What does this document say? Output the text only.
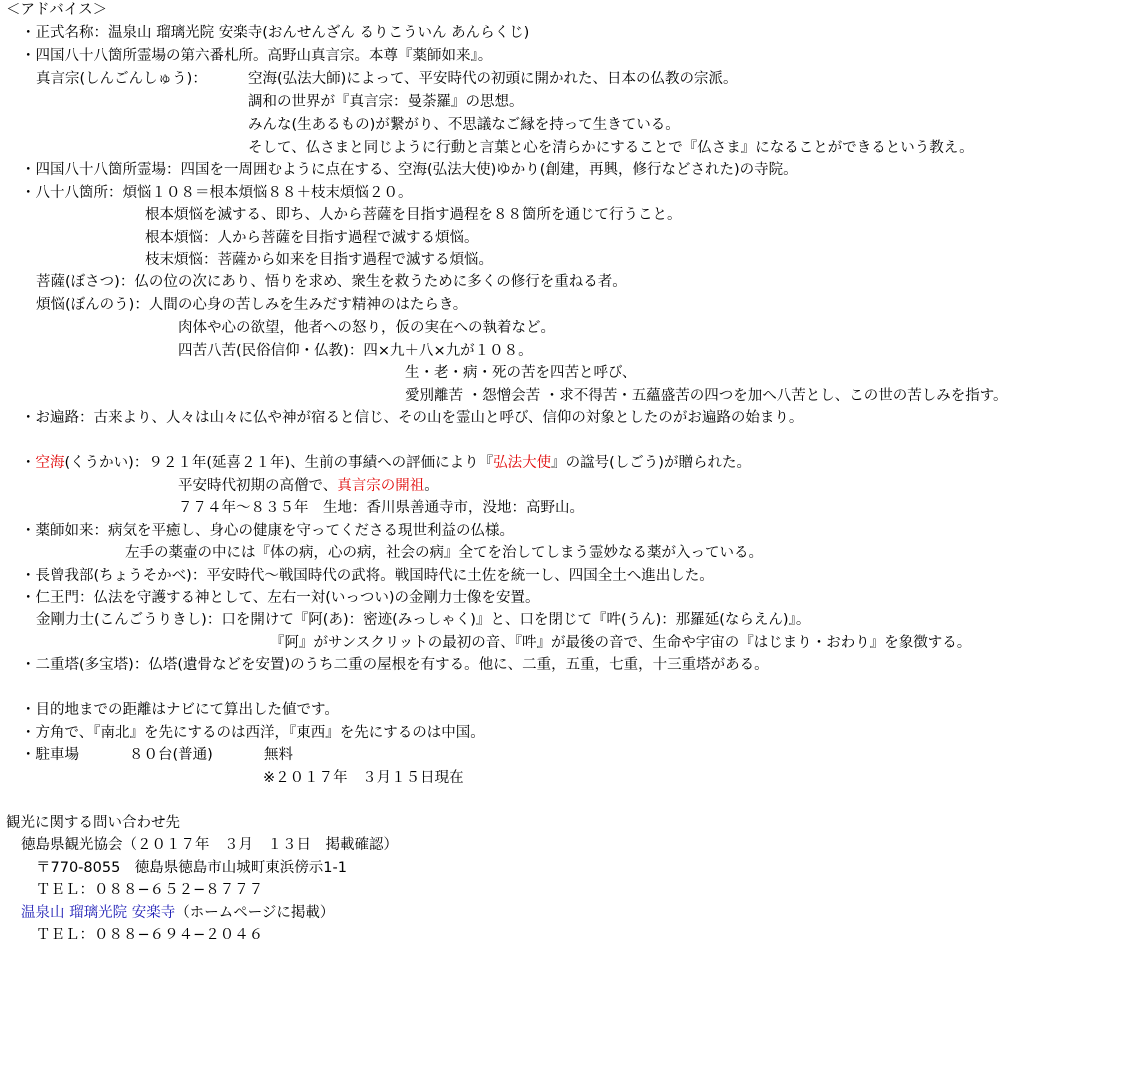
＜アドバイス＞
・正式名称：温泉山 瑠璃光院 安楽寺(おんせんざん るりこういん あんらくじ)
・四国八十八箇所霊場の第六番札所。高野山真言宗。本尊『薬師如来』。
真言宗(しんごんしゅう)：	空海(弘法大師)によって、平安時代の初頭に開かれた、日本の仏教の宗派。
調和の世界が『真言宗：曼荼羅』の思想。
みんな(生あるもの)が繋がり、不思議なご縁を持って生きている。
そして、仏さまと同じように行動と言葉と心を清らかにすることで『仏さま』になることができるという教え。
・四国八十八箇所霊場：四国を一周囲むように点在する、空海(弘法大使)ゆかり(創建，再興，修行などされた)の寺院。
・八十八箇所：煩悩１０８＝根本煩悩８８＋枝末煩悩２０。
根本煩悩を滅する、即ち、人から菩薩を目指す過程を８８箇所を通じて行うこと。
根本煩悩：人から菩薩を目指す過程で滅する煩悩。
枝末煩悩：菩薩から如来を目指す過程で滅する煩悩。
菩薩(ぼさつ)：仏の位の次にあり、悟りを求め、衆生を救うために多くの修行を重ねる者。
煩悩(ぼんのう)：人間の心身の苦しみを生みだす精神のはたらき。
肉体や心の欲望，他者への怒り，仮の実在への執着など。
四苦八苦(民俗信仰・仏教)：四×九＋八×九が１０８。
生・老・病・死の苦を四苦と呼び、
愛別離苦 ・怨憎会苦 ・求不得苦・五蘊盛苦の四つを加へ八苦とし、この世の苦しみを指す。
・お遍路：古来より、人々は山々に仏や神が宿ると信じ、その山を霊山と呼び、信仰の対象としたのがお遍路の始まり。
・空海(くうかい)：９２１年(延喜２１年)、生前の事績への評価により『弘法大使』の諡号(しごう)が贈られた。
平安時代初期の高僧で、真言宗の開祖。
７７４年〜８３５年　生地：香川県善通寺市，没地：高野山。
・薬師如来：病気を平癒し、身心の健康を守ってくださる現世利益の仏様。
左手の薬壷の中には『体の病，心の病，社会の病』全てを治してしまう霊妙なる薬が入っている。
・長曾我部(ちょうそかべ)：平安時代〜戦国時代の武将。戦国時代に土佐を統一し、四国全土へ進出した。
・仁王門：仏法を守護する神として、左右一対(いっつい)の金剛力士像を安置。
金剛力士(こんごうりきし)：口を開けて『阿(あ)：密迹(みっしゃく)』と、口を閉じて『吽(うん)：那羅延(ならえん)』。
『阿』がサンスクリットの最初の音、『吽』が最後の音で、生命や宇宙の『はじまり・おわり』を象徴する。
・二重塔(多宝塔)：仏塔(遺骨などを安置)のうち二重の屋根を有する。他に、二重，五重，七重，十三重塔がある。
・目的地までの距離はナビにて算出した値です。
・方角で、『南北』を先にするのは西洋，『東西』を先にするのは中国。
・駐車場	８０台(普通)	無料
※２０１７年　３月１５日現在
観光に関する問い合わせ先
徳島県観光協会（２０１７年　３月　１３日　掲載確認）
〒770-8055　徳島県徳島市山城町東浜傍示1-1
ＴＥＬ：０８８−６５２−８７７７
温泉山 瑠璃光院 安楽寺（ホームページに掲載）
ＴＥＬ：０８８−６９４−２０４６
